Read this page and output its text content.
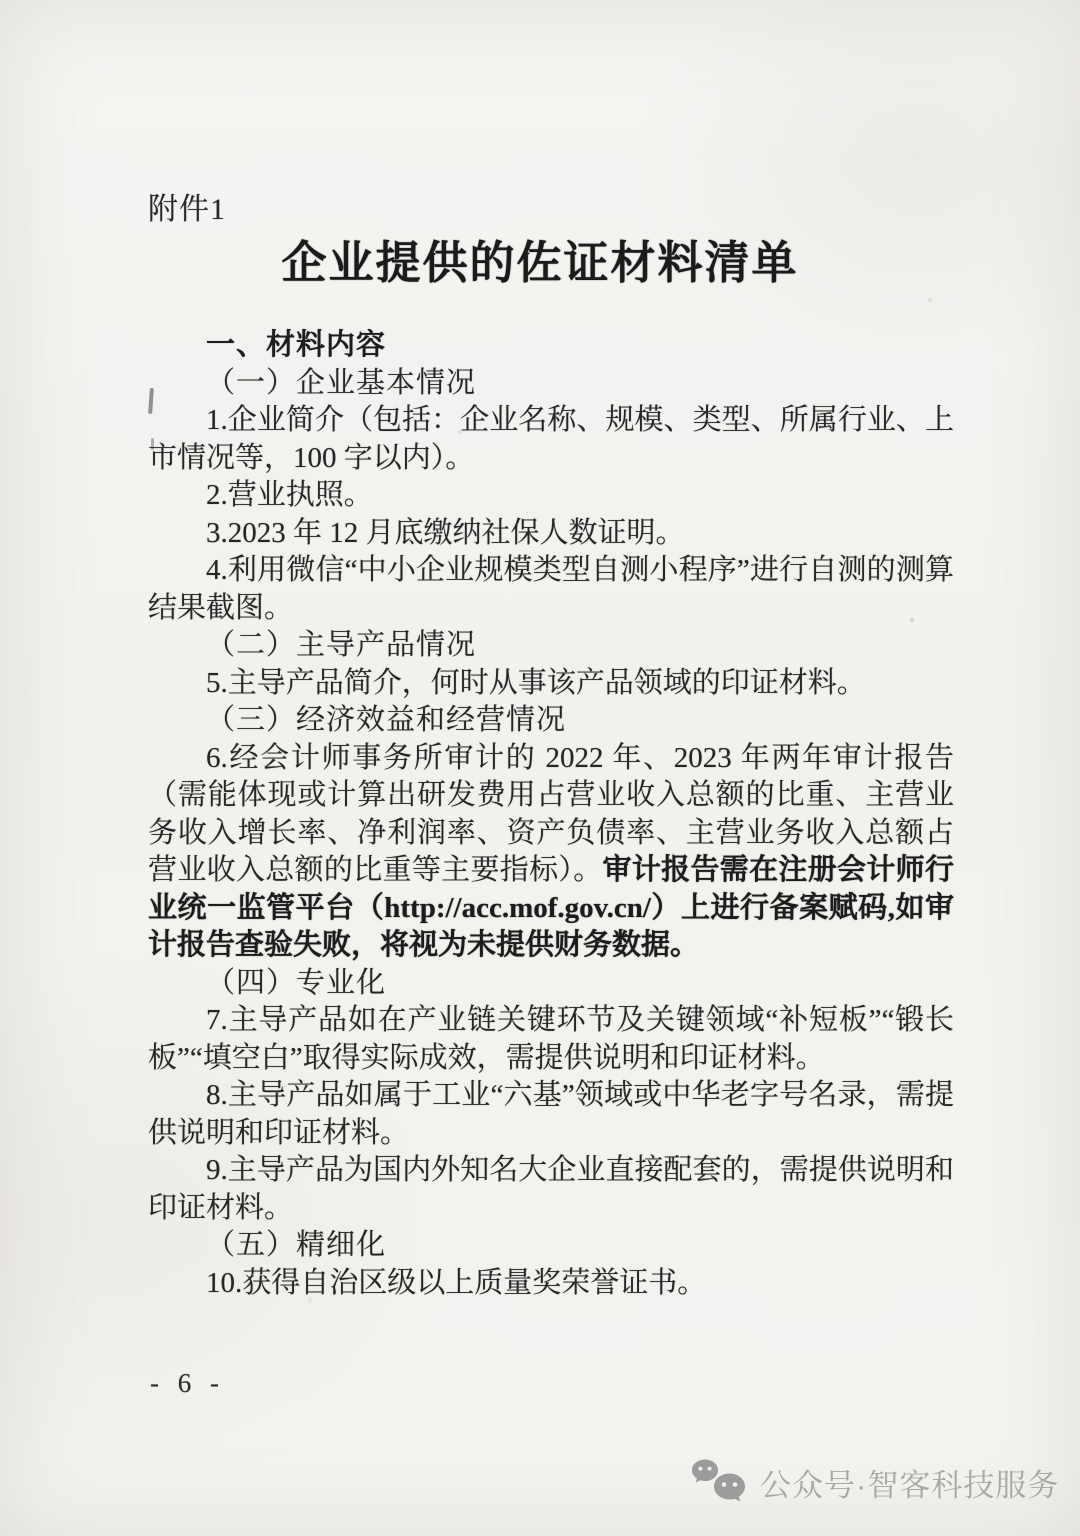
附件1
企业提供的佐证材料清单

一、材料内容

（一）企业基本情况

1.企业简介（包括：企业名称、规模、类型、所属行业、上市情况等，100 字以内）。

2.营业执照。

3.2023 年 12 月底缴纳社保人数证明。

4.利用微信“中小企业规模类型自测小程序”进行自测的测算结果截图。

（二）主导产品情况

5.主导产品简介，何时从事该产品领域的印证材料。

（三）经济效益和经营情况

6.经会计师事务所审计的 2022 年、2023 年两年审计报告（需能体现或计算出研发费用占营业收入总额的比重、主营业务收入增长率、净利润率、资产负债率、主营业务收入总额占营业收入总额的比重等主要指标）。审计报告需在注册会计师行业统一监管平台（http://acc.mof.gov.cn/）上进行备案赋码,如审计报告查验失败，将视为未提供财务数据。

（四）专业化

7.主导产品如在产业链关键环节及关键领域“补短板”“锻长板”“填空白”取得实际成效，需提供说明和印证材料。

8.主导产品如属于工业“六基”领域或中华老字号名录，需提供说明和印证材料。

9.主导产品为国内外知名大企业直接配套的，需提供说明和印证材料。

（五）精细化

10.获得自治区级以上质量奖荣誉证书。

- 6 -
公众号·智客科技服务
